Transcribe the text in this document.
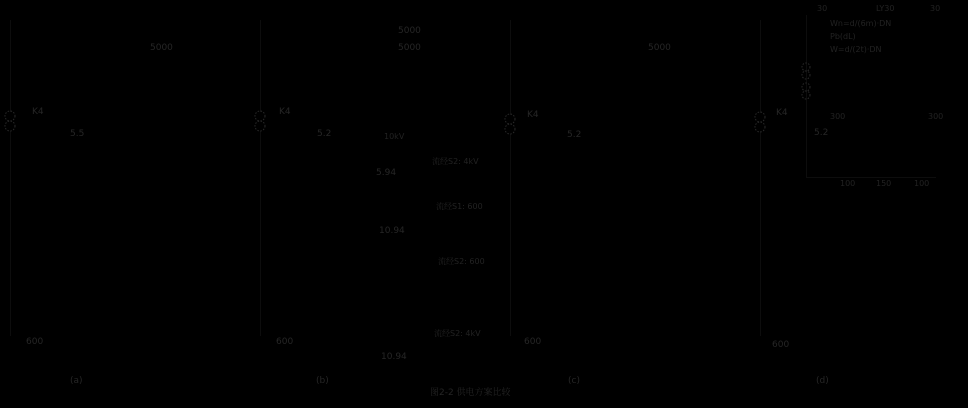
图2-2 供电方案比较
5000
5000
5000	5000
30	LY30	30
Wn=d/(6m)·DN
Pb(dL)
W=d/(2t)·DN
K4
5.5
K4
5.2
K4
5.2
K4
5.2
300	300
10kV
流经S2: 4kV
5.94
流经S1: 600
10.94
流经S2: 600
流经S2: 4kV
100	150	100
600	600	600	600
10.94
(a)	(b)	(c)	(d)
